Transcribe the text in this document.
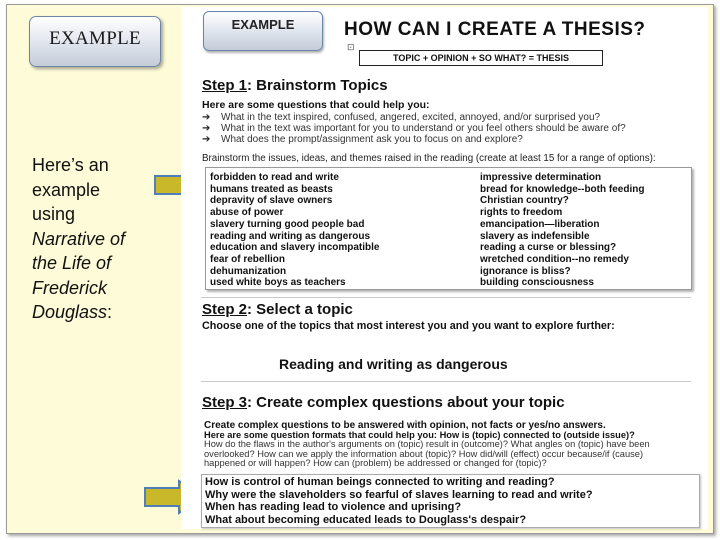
EXAMPLE
Here’s an
example
using
Narrative of
the Life of
Frederick
Douglass:
EXAMPLE	HOW CAN I CREATE A THESIS?
⊡
TOPIC + OPINION + SO WHAT? = THESIS
Step 1: Brainstorm Topics
Here are some questions that could help you:
➔ What in the text inspired, confused, angered, excited, annoyed, and/or surprised you?
➔ What in the text was important for you to understand or you feel others should be aware of?
➔ What does the prompt/assignment ask you to focus on and explore?
Brainstorm the issues, ideas, and themes raised in the reading (create at least 15 for a range of options):
forbidden to read and write
humans treated as beasts
depravity of slave owners
abuse of power
slavery turning good people bad
reading and writing as dangerous
education and slavery incompatible
fear of rebellion
dehumanization
used white boys as teachers
impressive determination
bread for knowledge--both feeding
Christian country?
rights to freedom
emancipation—liberation
slavery as indefensible
reading a curse or blessing?
wretched condition--no remedy
ignorance is bliss?
building consciousness
Step 2: Select a topic
Choose one of the topics that most interest you and you want to explore further:
Reading and writing as dangerous
Step 3: Create complex questions about your topic
Create complex questions to be answered with opinion, not facts or yes/no answers.
Here are some question formats that could help you: How is (topic) connected to (outside issue)?
How do the flaws in the author's arguments on (topic) result in (outcome)? What angles on (topic) have been
overlooked? How can we apply the information about (topic)? How did/will (effect) occur because/if (cause)
happened or will happen? How can (problem) be addressed or changed for (topic)?
How is control of human beings connected to writing and reading?
Why were the slaveholders so fearful of slaves learning to read and write?
When has reading lead to violence and uprising?
What about becoming educated leads to Douglass's despair?
